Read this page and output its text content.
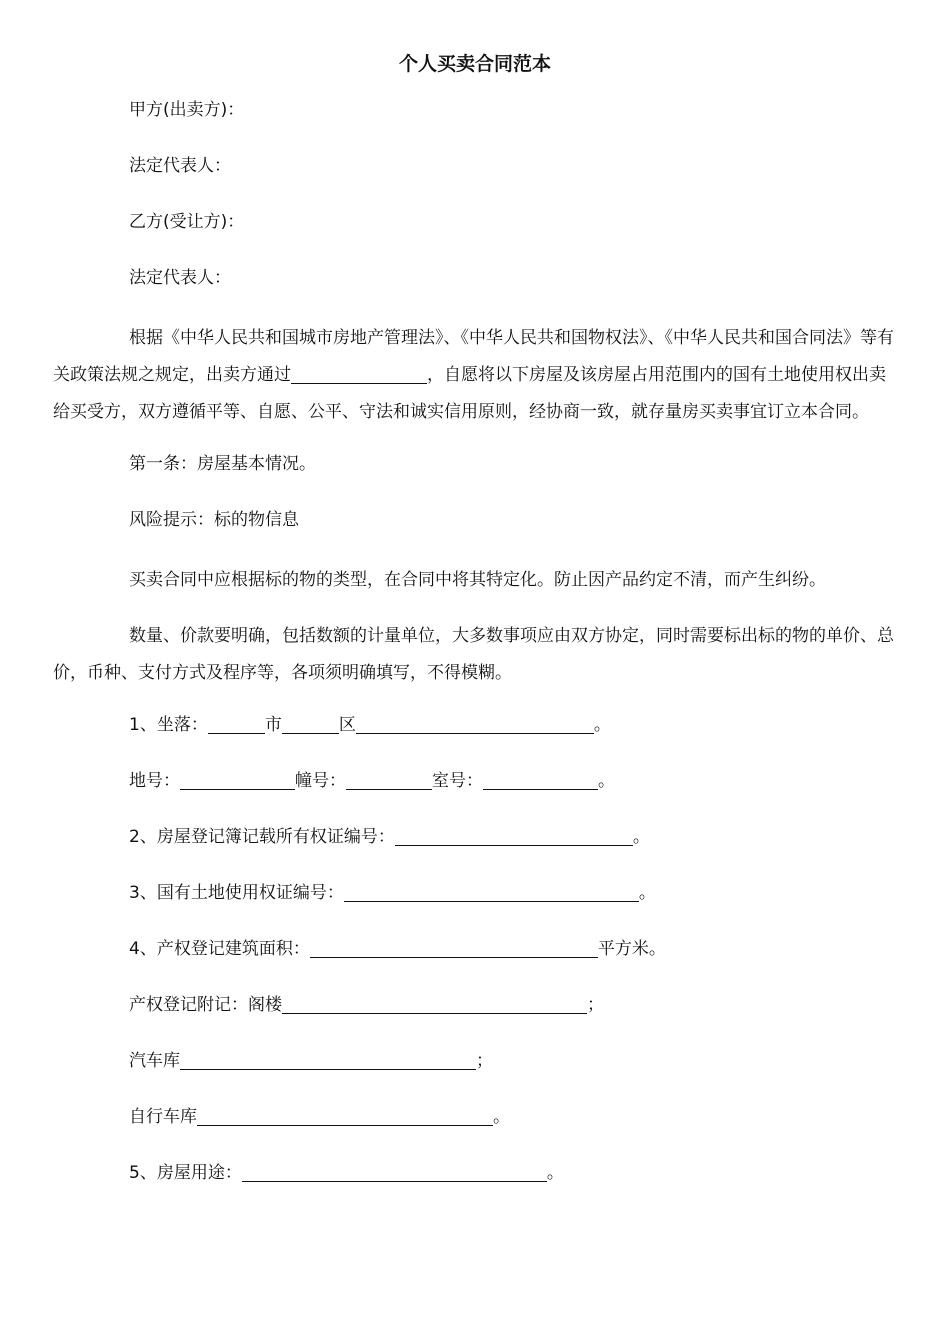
个人买卖合同范本

甲方(出卖方)：

法定代表人：

乙方(受让方)：

法定代表人：

根据《中华人民共和国城市房地产管理法》、《中华人民共和国物权法》、《中华人民共和国合同法》等有关政策法规之规定，出卖方通过	，自愿将以下房屋及该房屋占用范围内的国有土地使用权出卖给买受方，双方遵循平等、自愿、公平、守法和诚实信用原则，经协商一致，就存量房买卖事宜订立本合同。

第一条：房屋基本情况。

风险提示：标的物信息

买卖合同中应根据标的物的类型，在合同中将其特定化。防止因产品约定不清，而产生纠纷。

数量、价款要明确，包括数额的计量单位，大多数事项应由双方协定，同时需要标出标的物的单价、总价，币种、支付方式及程序等，各项须明确填写，不得模糊。

1、坐落：	市	区	。

地号：	幢号：	室号：	。

2、房屋登记簿记载所有权证编号：	。

3、国有土地使用权证编号：	。

4、产权登记建筑面积：	平方米。

产权登记附记：阁楼	；

汽车库	；

自行车库	。

5、房屋用途：	。
